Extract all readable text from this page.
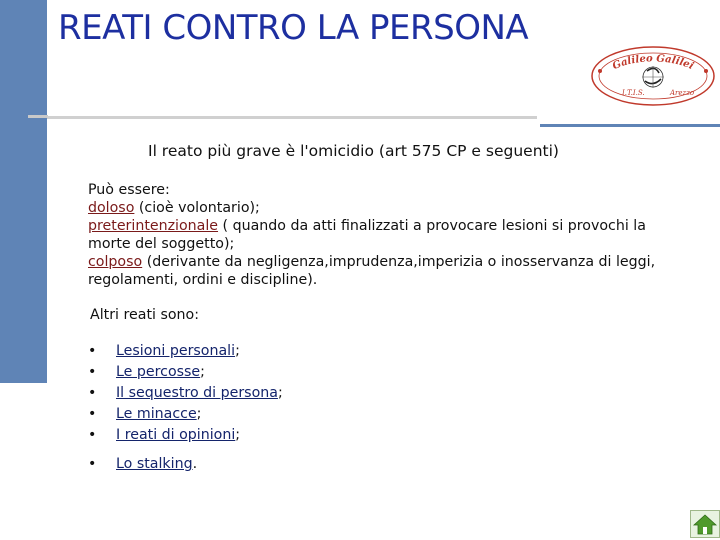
REATI CONTRO LA PERSONA
Galileo Galilei
I.T.I.S.	Arezzo
Il reato più grave è l'omicidio (art 575 CP e seguenti)
Può essere:
doloso (cioè volontario);
preterintenzionale ( quando da atti finalizzati a provocare lesioni si provochi la
morte del soggetto);
colposo (derivante da negligenza,imprudenza,imperizia o inosservanza di leggi,
regolamenti, ordini e discipline).
Altri reati sono:
•	Lesioni personali ;
•	Le percosse ;
•	Il sequestro di persona ;
•	Le minacce ;
•	I reati di opinioni ;
•	Lo stalking .
